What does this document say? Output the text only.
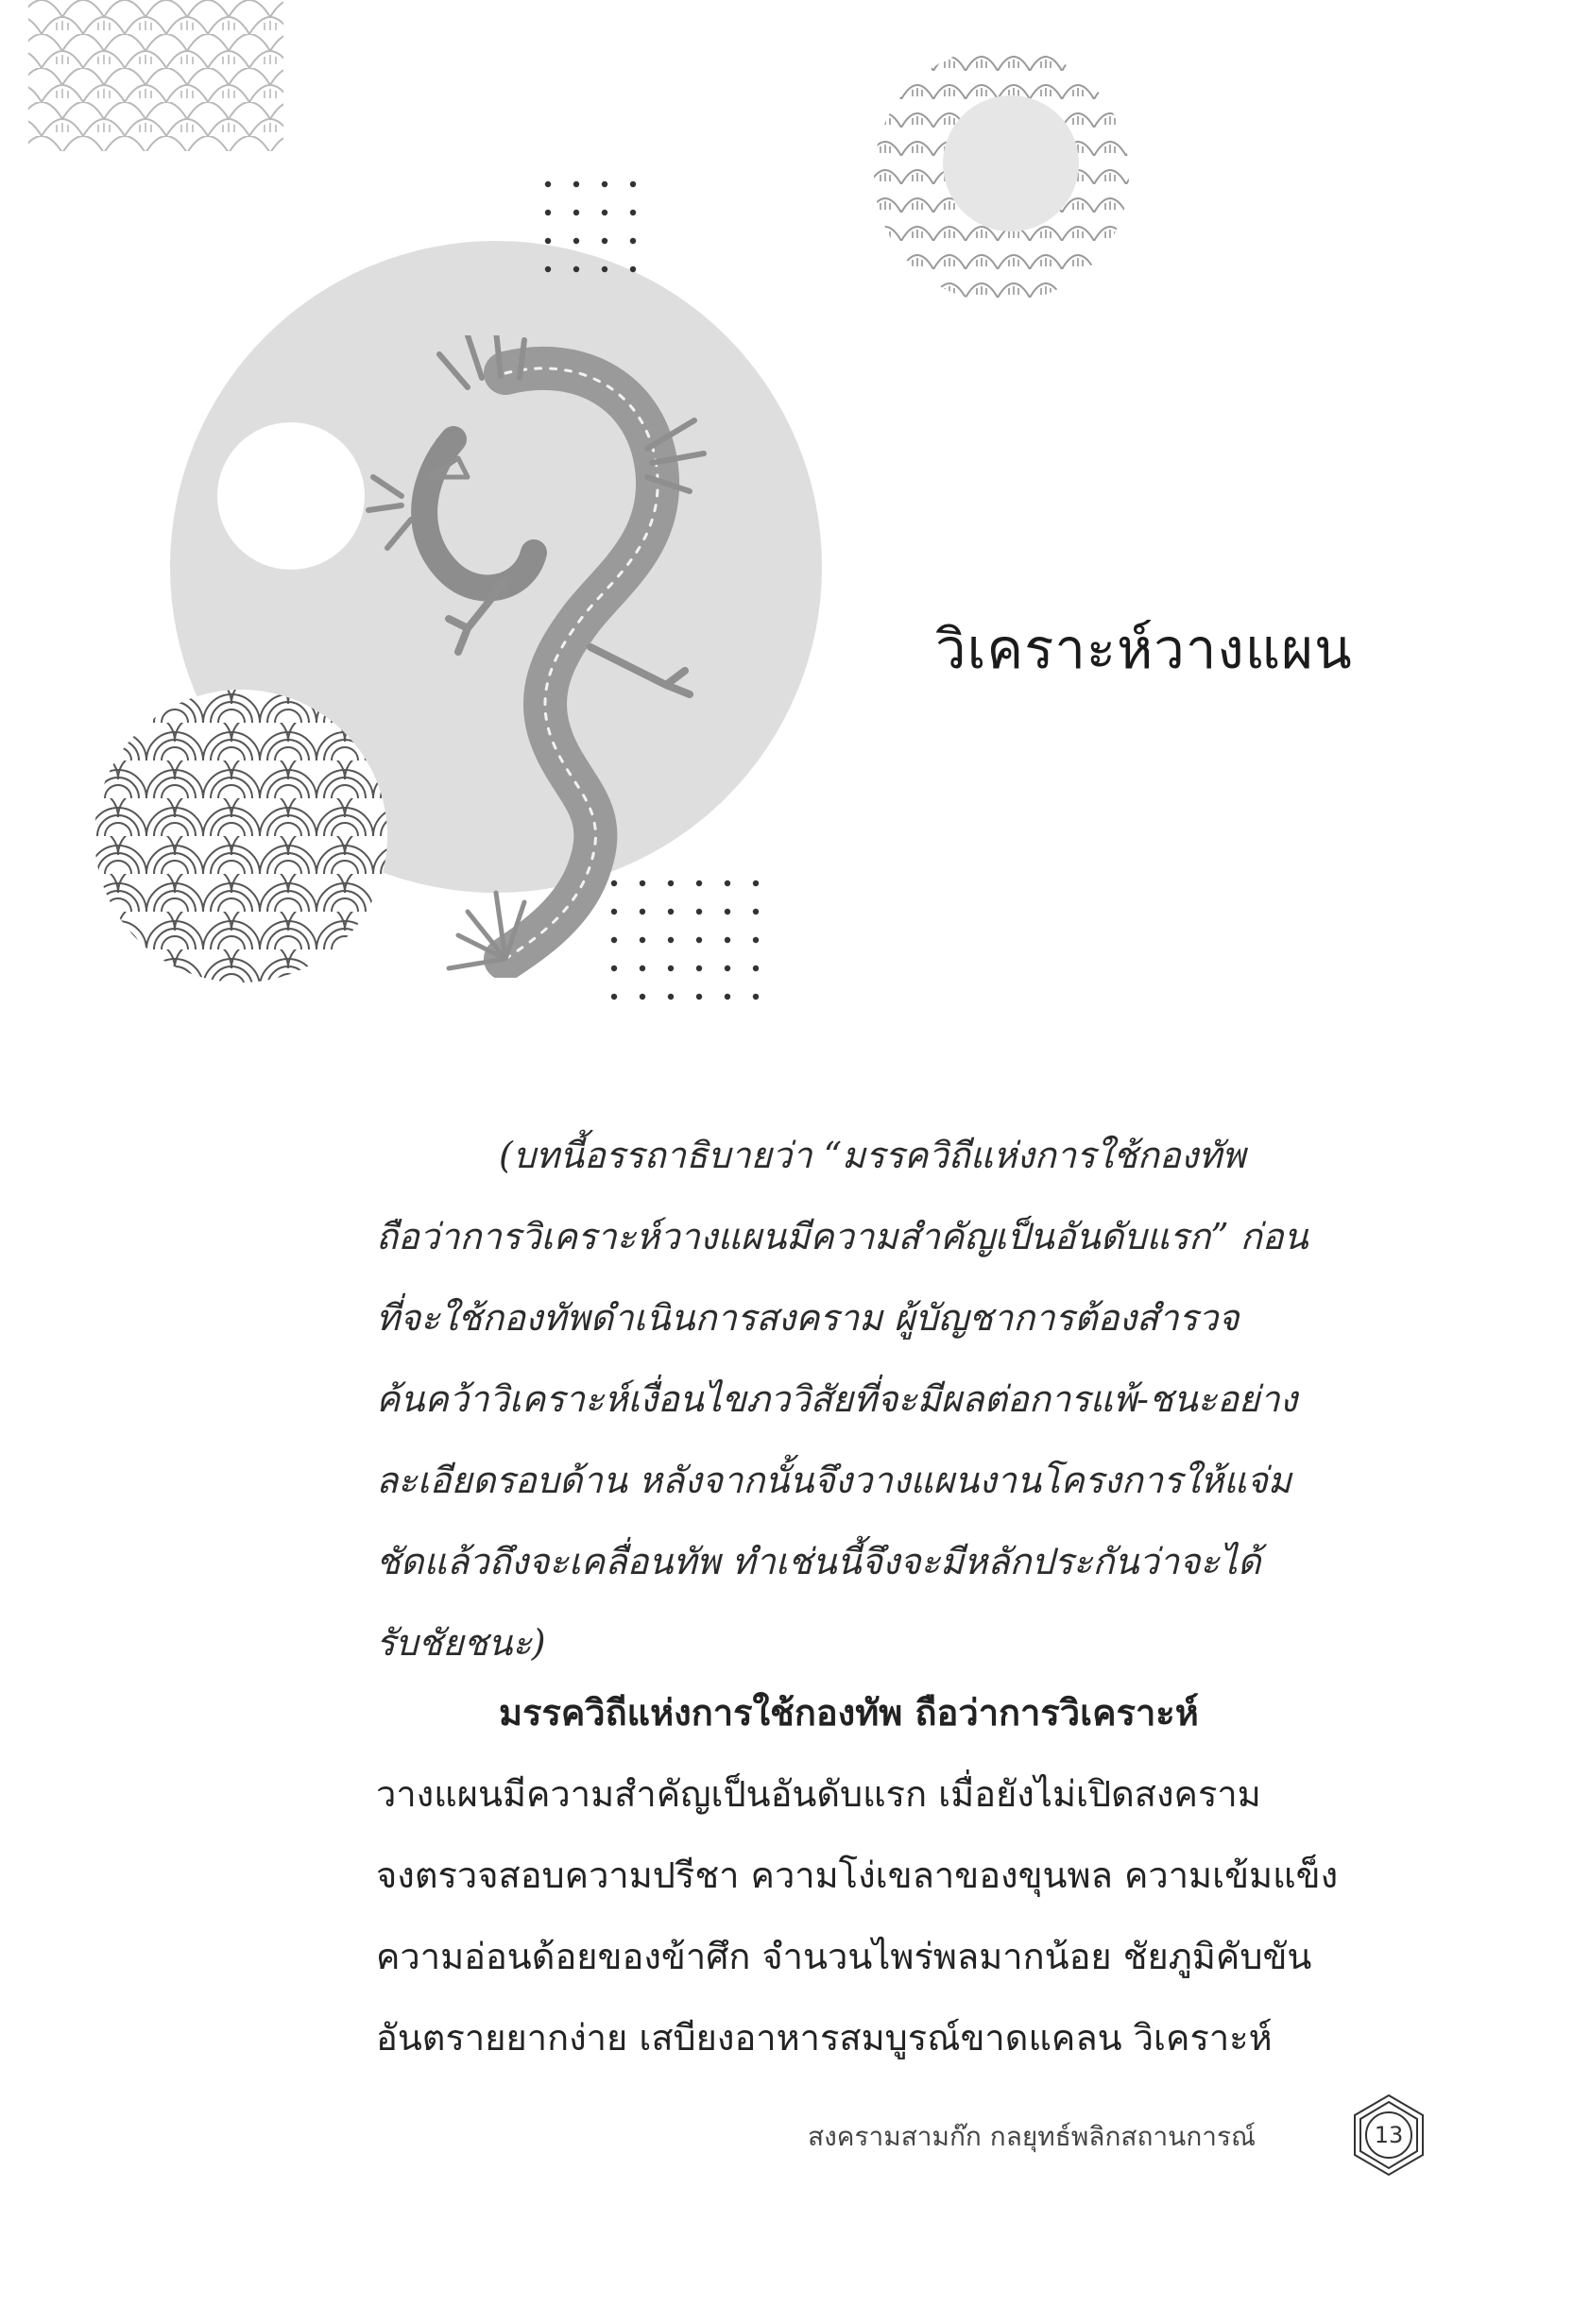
วิเคราะห์วางแผน
(บทนี้อรรถาธิบายว่า “มรรควิถีแห่งการใช้กองทัพ
ถือว่าการวิเคราะห์วางแผนมีความสำคัญเป็นอันดับแรก” ก่อน
ที่จะใช้กองทัพดำเนินการสงคราม ผู้บัญชาการต้องสำรวจ
ค้นคว้าวิเคราะห์เงื่อนไขภววิสัยที่จะมีผลต่อการแพ้-ชนะอย่าง
ละเอียดรอบด้าน หลังจากนั้นจึงวางแผนงานโครงการให้แจ่ม
ชัดแล้วถึงจะเคลื่อนทัพ ทำเช่นนี้จึงจะมีหลักประกันว่าจะได้
รับชัยชนะ)
มรรควิถีแห่งการใช้กองทัพ ถือว่าการวิเคราะห์
วางแผนมีความสำคัญเป็นอันดับแรก เมื่อยังไม่เปิดสงคราม
จงตรวจสอบความปรีชา ความโง่เขลาของขุนพล ความเข้มแข็ง
ความอ่อนด้อยของข้าศึก จำนวนไพร่พลมากน้อย ชัยภูมิคับขัน
อันตรายยากง่าย เสบียงอาหารสมบูรณ์ขาดแคลน วิเคราะห์
สงครามสามก๊ก กลยุทธ์พลิกสถานการณ์	13
